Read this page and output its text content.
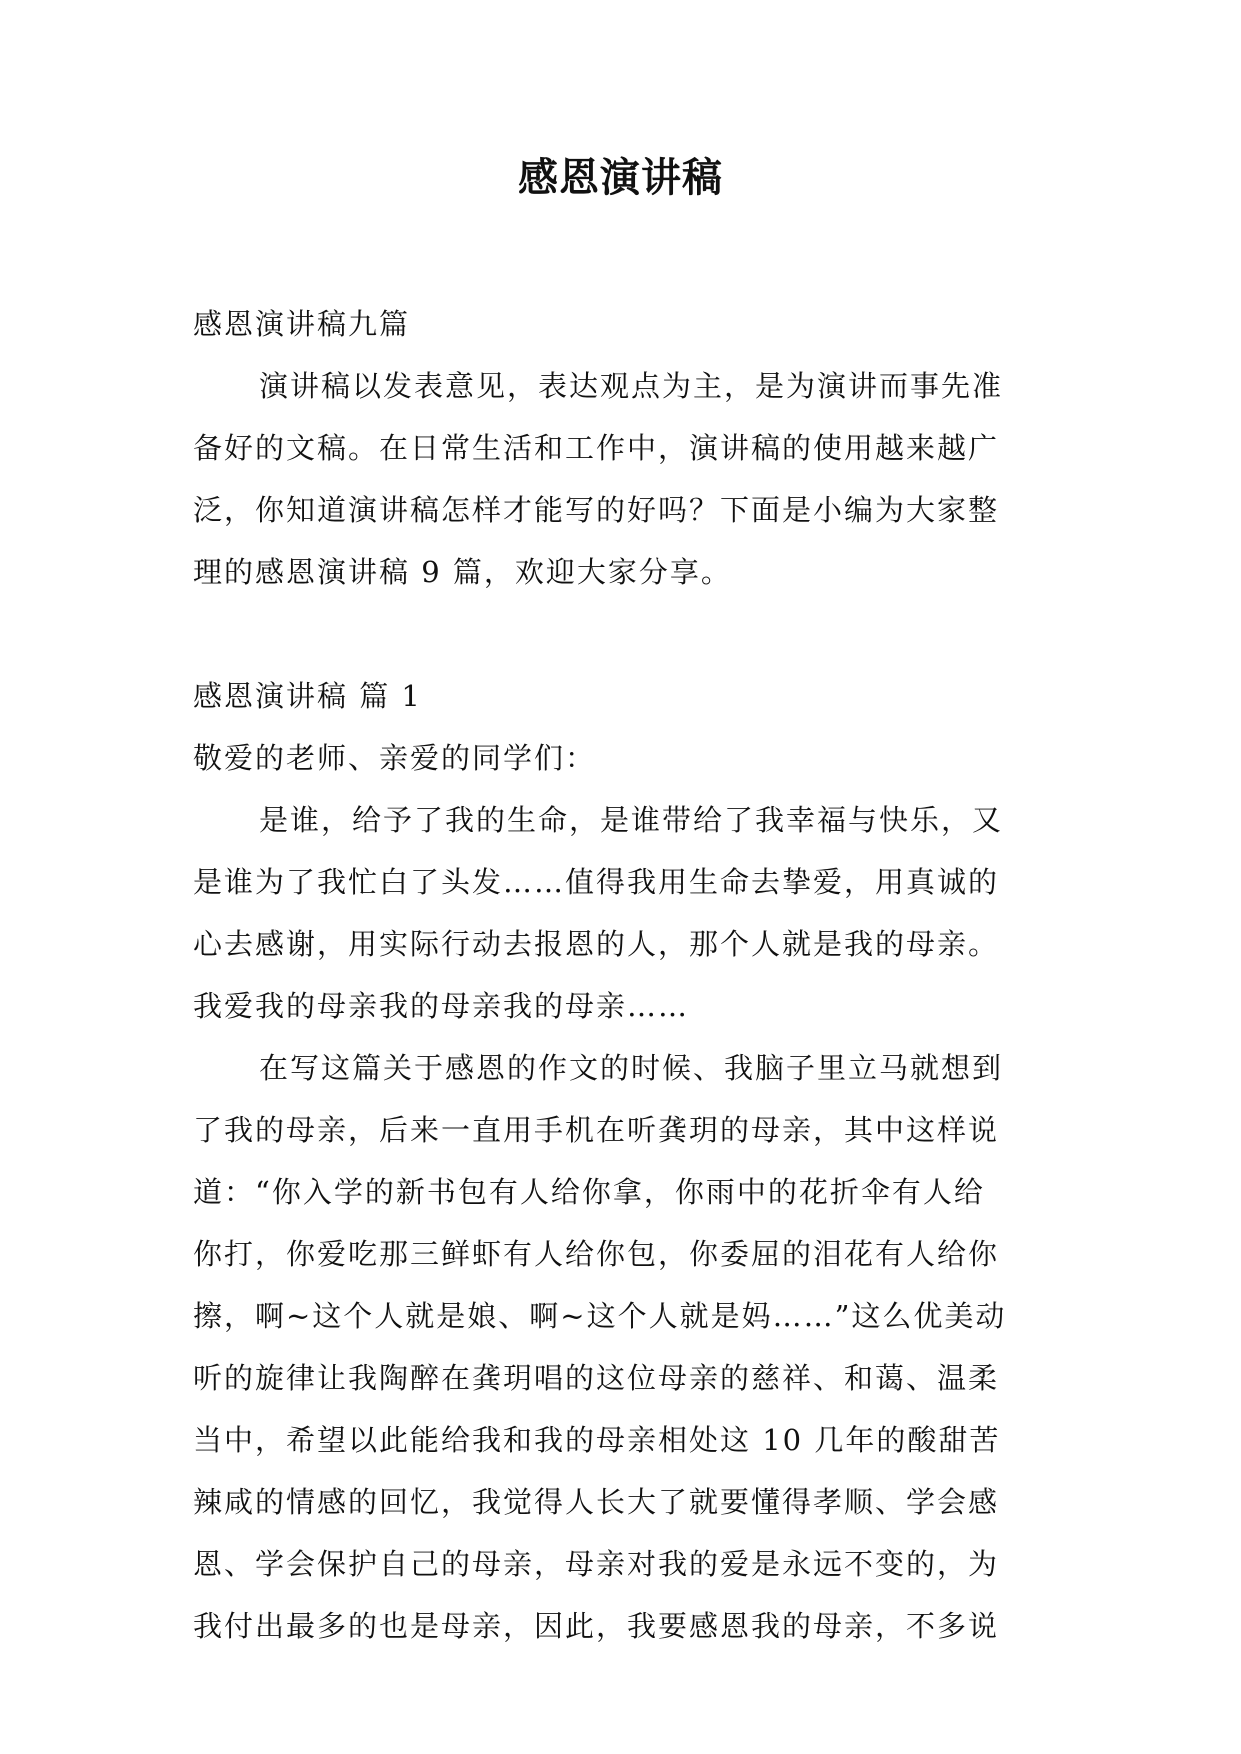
感恩演讲稿
感恩演讲稿九篇
演讲稿以发表意见，表达观点为主，是为演讲而事先准
备好的文稿。在日常生活和工作中，演讲稿的使用越来越广
泛，你知道演讲稿怎样才能写的好吗？下面是小编为大家整
理的感恩演讲稿 9 篇，欢迎大家分享。
感恩演讲稿 篇 1
敬爱的老师、亲爱的同学们：
是谁，给予了我的生命，是谁带给了我幸福与快乐，又
是谁为了我忙白了头发……值得我用生命去挚爱，用真诚的
心去感谢，用实际行动去报恩的人，那个人就是我的母亲。
我爱我的母亲我的母亲我的母亲……
在写这篇关于感恩的作文的时候、我脑子里立马就想到
了我的母亲，后来一直用手机在听龚玥的母亲，其中这样说
道：“你入学的新书包有人给你拿，你雨中的花折伞有人给
你打，你爱吃那三鲜虾有人给你包，你委屈的泪花有人给你
擦，啊~这个人就是娘、啊~这个人就是妈……”这么优美动
听的旋律让我陶醉在龚玥唱的这位母亲的慈祥、和蔼、温柔
当中，希望以此能给我和我的母亲相处这 10 几年的酸甜苦
辣咸的情感的回忆，我觉得人长大了就要懂得孝顺、学会感
恩、学会保护自己的母亲，母亲对我的爱是永远不变的，为
我付出最多的也是母亲，因此，我要感恩我的母亲，不多说
